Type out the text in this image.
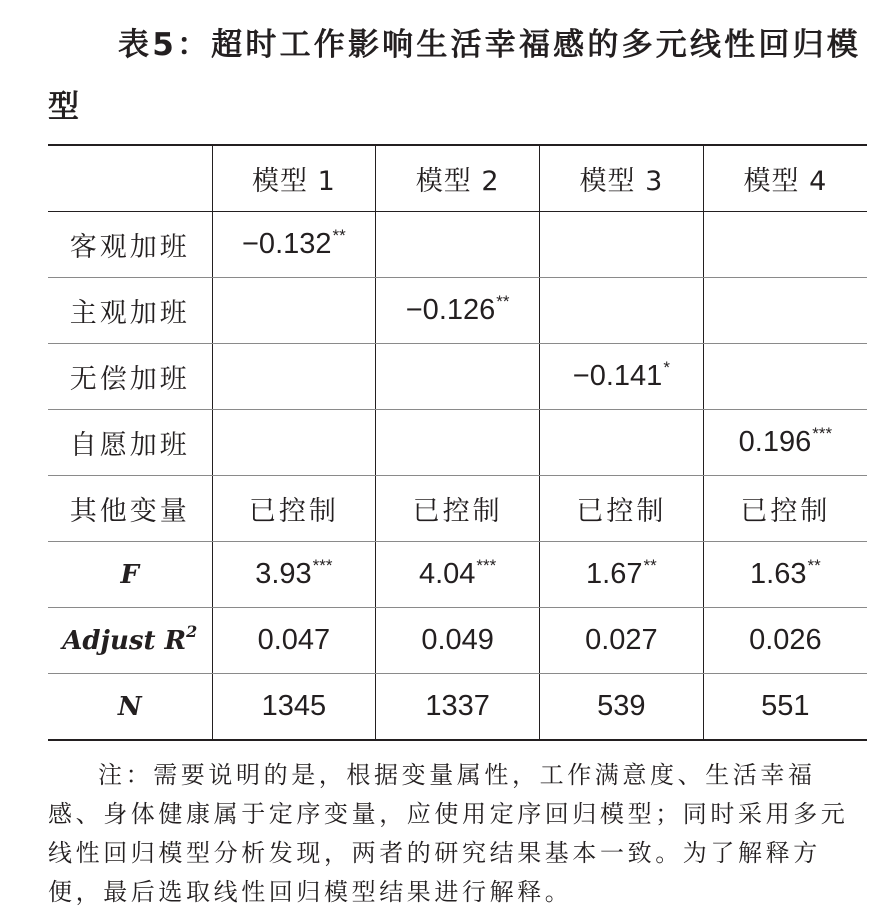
表5：超时工作影响生活幸福感的多元线性回归模型
	模型 1	模型 2	模型 3	模型 4
客观加班	−0.132**			
主观加班		−0.126**		
无偿加班			−0.141*	
自愿加班				0.196***
其他变量	已控制	已控制	已控制	已控制
F	3.93***	4.04***	1.67**	1.63**
Adjust $R^2$	0.047	0.049	0.027	0.026
N	1345	1337	539	551
注：需要说明的是，根据变量属性，工作满意度、生活幸福感、身体健康属于定序变量，应使用定序回归模型；同时采用多元线性回归模型分析发现，两者的研究结果基本一致。为了解释方便，最后选取线性回归模型结果进行解释。
